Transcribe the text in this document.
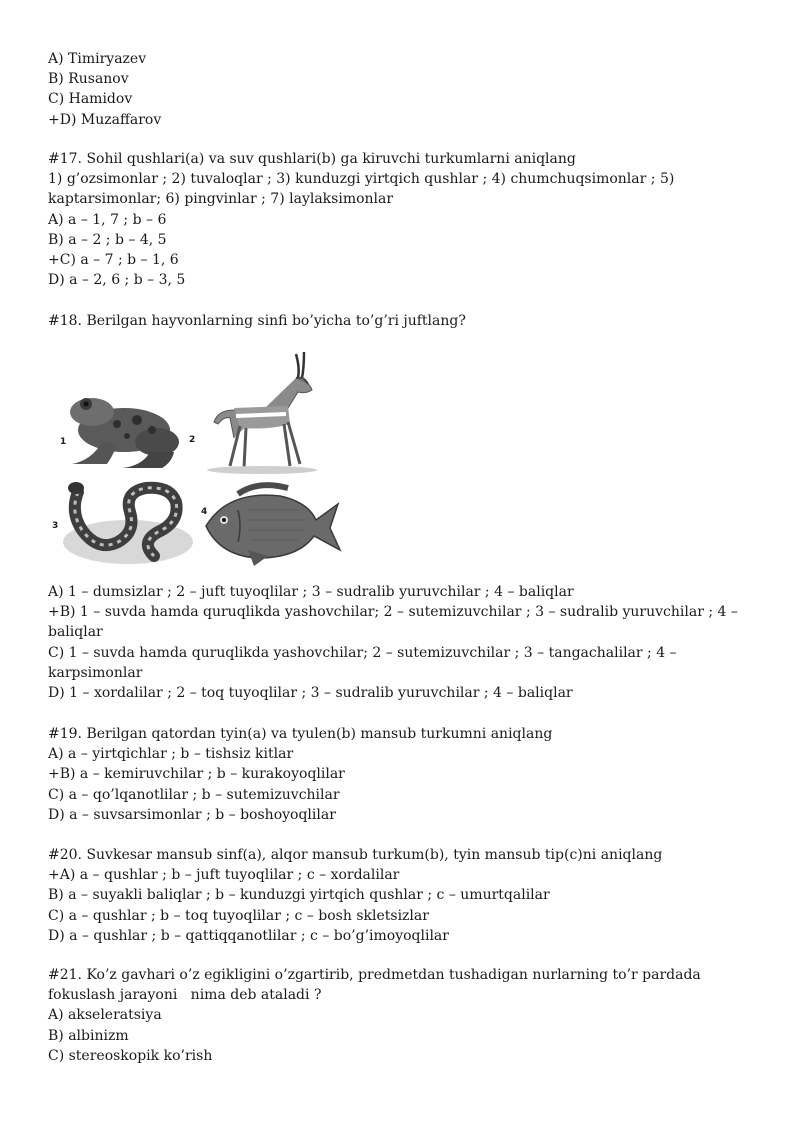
A) Timiryazev
B) Rusanov
C) Hamidov
+D) Muzaffarov
#17. Sohil qushlari(a) va suv qushlari(b) ga kiruvchi turkumlarni aniqlang
1) g’ozsimonlar ; 2) tuvaloqlar ; 3) kunduzgi yirtqich qushlar ; 4) chumchuqsimonlar ; 5)
kaptarsimonlar; 6) pingvinlar ; 7) laylaksimonlar
A) a – 1, 7 ; b – 6
B) a – 2 ; b – 4, 5
+C) a – 7 ; b – 1, 6
D) a – 2, 6 ; b – 3, 5
#18. Berilgan hayvonlarning sinfi bo’yicha to’g’ri juftlang?
1	2
3
4
A) 1 – dumsizlar ; 2 – juft tuyoqlilar ; 3 – sudralib yuruvchilar ; 4 – baliqlar
+B) 1 – suvda hamda quruqlikda yashovchilar; 2 – sutemizuvchilar ; 3 – sudralib yuruvchilar ; 4 –
baliqlar
C) 1 – suvda hamda quruqlikda yashovchilar; 2 – sutemizuvchilar ; 3 – tangachalilar ; 4 –
karpsimonlar
D) 1 – xordalilar ; 2 – toq tuyoqlilar ; 3 – sudralib yuruvchilar ; 4 – baliqlar
#19. Berilgan qatordan tyin(a) va tyulen(b) mansub turkumni aniqlang
A) a – yirtqichlar ; b – tishsiz kitlar
+B) a – kemiruvchilar ; b – kurakoyoqlilar
C) a – qo’lqanotlilar ; b – sutemizuvchilar
D) a – suvsarsimonlar ; b – boshoyoqlilar
#20. Suvkesar mansub sinf(a), alqor mansub turkum(b), tyin mansub tip(c)ni aniqlang
+A) a – qushlar ; b – juft tuyoqlilar ; c – xordalilar
B) a – suyakli baliqlar ; b – kunduzgi yirtqich qushlar ; c – umurtqalilar
C) a – qushlar ; b – toq tuyoqlilar ; c – bosh skletsizlar
D) a – qushlar ; b – qattiqqanotlilar ; c – bo’g’imoyoqlilar
#21. Ko’z gavhari o’z egikligini o’zgartirib, predmetdan tushadigan nurlarning to’r pardada
fokuslash jarayoni   nima deb ataladi ?
A) akseleratsiya
B) albinizm
C) stereoskopik ko’rish
